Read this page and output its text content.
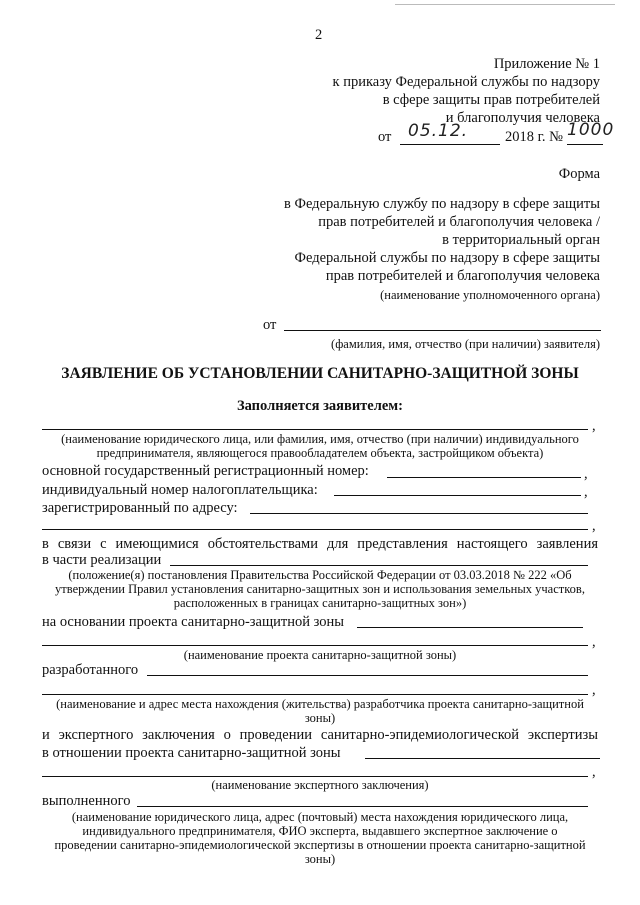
2
Приложение № 1
к приказу Федеральной службы по надзору
в сфере защиты прав потребителей
и благополучия человека
от 05.12.	2018 г. № 1000
Форма
в Федеральную службу по надзору в сфере защиты
прав потребителей и благополучия человека /
в территориальный орган
Федеральной службы по надзору в сфере защиты
прав потребителей и благополучия человека
(наименование уполномоченного органа)
от
(фамилия, имя, отчество (при наличии) заявителя)
ЗАЯВЛЕНИЕ ОБ УСТАНОВЛЕНИИ САНИТАРНО-ЗАЩИТНОЙ ЗОНЫ
Заполняется заявителем:
,
(наименование юридического лица, или фамилия, имя, отчество (при наличии) индивидуального
предпринимателя, являющегося правообладателем объекта, застройщиком объекта)
основной государственный регистрационный номер:	,
индивидуальный номер налогоплательщика:	,
зарегистрированный по адресу:
,
в связи с имеющимися обстоятельствами для представления настоящего заявления
в части реализации
(положение(я) постановления Правительства Российской Федерации от 03.03.2018 № 222 «Об
утверждении Правил установления санитарно-защитных зон и использования земельных участков,
расположенных в границах санитарно-защитных зон»)
на основании проекта санитарно-защитной зоны
,
(наименование проекта санитарно-защитной зоны)
разработанного
,
(наименование и адрес места нахождения (жительства) разработчика проекта санитарно-защитной
зоны)
и экспертного заключения о проведении санитарно-эпидемиологической экспертизы
в отношении проекта санитарно-защитной зоны
,
(наименование экспертного заключения)
выполненного
(наименование юридического лица, адрес (почтовый) места нахождения юридического лица,
индивидуального предпринимателя, ФИО эксперта, выдавшего экспертное заключение о
проведении санитарно-эпидемиологической экспертизы в отношении проекта санитарно-защитной
зоны)
